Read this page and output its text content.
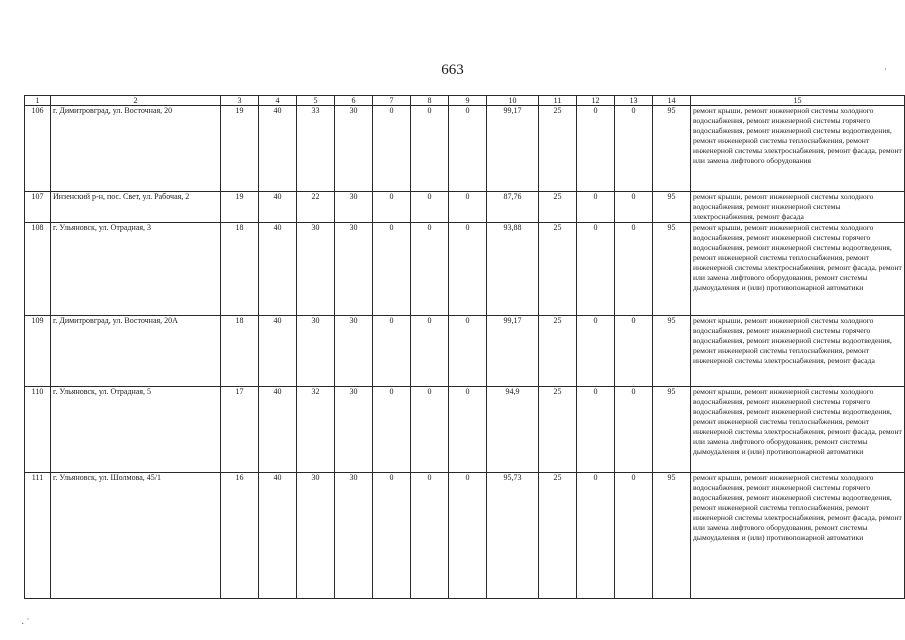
663
1	2	3	4	5	6	7	8	9	10	11	12	13	14	15
106	г. Димитровград, ул. Восточная, 20	19	40	33	30	0	0	0	99,17	25	0	0	95	ремонт крыши, ремонт инженерной системы холодного водоснабжения, ремонт инженерной системы горячего водоснабжения, ремонт инженерной системы водоотведения, ремонт инженерной системы теплоснабжения, ремонт инженерной системы электроснабжения, ремонт фасада, ремонт или замена лифтового оборудования
107	Инзенский р-н, пос. Свет, ул. Рабочая, 2	19	40	22	30	0	0	0	87,76	25	0	0	95	ремонт крыши, ремонт инженерной системы холодного водоснабжения, ремонт инженерной системы электроснабжения, ремонт фасада
108	г. Ульяновск, ул. Отрадная, 3	18	40	30	30	0	0	0	93,88	25	0	0	95	ремонт крыши, ремонт инженерной системы холодного водоснабжения, ремонт инженерной системы горячего водоснабжения, ремонт инженерной системы водоотведения, ремонт инженерной системы теплоснабжения, ремонт инженерной системы электроснабжения, ремонт фасада, ремонт или замена лифтового оборудования, ремонт системы дымоудаления и (или) противопожарной автоматики
109	г. Димитровград, ул. Восточная, 20А	18	40	30	30	0	0	0	99,17	25	0	0	95	ремонт крыши, ремонт инженерной системы холодного водоснабжения, ремонт инженерной системы горячего водоснабжения, ремонт инженерной системы водоотведения, ремонт инженерной системы теплоснабжения, ремонт инженерной системы электроснабжения, ремонт фасада
110	г. Ульяновск, ул. Отрадная, 5	17	40	32	30	0	0	0	94,9	25	0	0	95	ремонт крыши, ремонт инженерной системы холодного водоснабжения, ремонт инженерной системы горячего водоснабжения, ремонт инженерной системы водоотведения, ремонт инженерной системы теплоснабжения, ремонт инженерной системы электроснабжения, ремонт фасада, ремонт или замена лифтового оборудования, ремонт системы дымоудаления и (или) противопожарной автоматики
111	г. Ульяновск, ул. Шолмова, 45/1	16	40	30	30	0	0	0	95,73	25	0	0	95	ремонт крыши, ремонт инженерной системы холодного водоснабжения, ремонт инженерной системы горячего водоснабжения, ремонт инженерной системы водоотведения, ремонт инженерной системы теплоснабжения, ремонт инженерной системы электроснабжения, ремонт фасада, ремонт или замена лифтового оборудования, ремонт системы дымоудаления и (или) противопожарной автоматики
·
⸼ ·
